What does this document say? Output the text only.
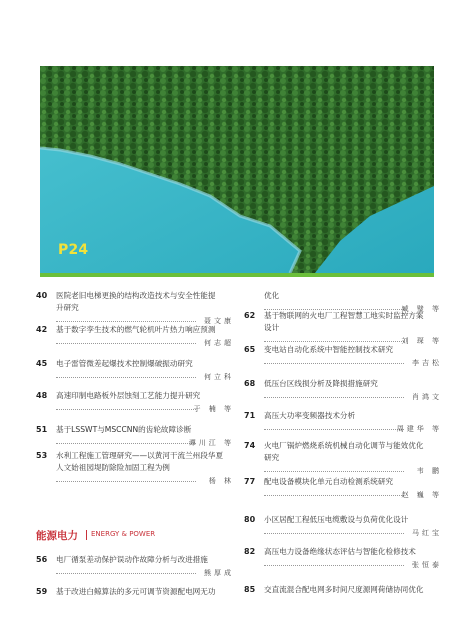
P24
40	医院老旧电梯更换的结构改造技术与安全性能提
升研究
聂文康
42	基于数字孪生技术的燃气轮机叶片热力响应预测
何志超
45	电子雷管微差起爆技术控制爆破振动研究
何立科
48	高速印制电路板外层蚀刻工艺能力提升研究
于 楠 等
51	基于LSSWT与MSCCNN的齿轮故障诊断
谭川江 等
53	水利工程施工管理研究——以黄河干流兰州段华夏
人文始祖园堤防除险加固工程为例
杨 林
能源电力 ENERGY & POWER
56	电厂循泵差动保护误动作故障分析与改进措施
熊厚成
59	基于改进白鲸算法的多元可调节资源配电网无功
优化
臧 璧 等
62	基于物联网的火电厂工程智慧工地实时监控方案
设计
刘 琛 等
65	变电站自动化系统中智能控制技术研究
李吉松
68	低压台区线损分析及降损措施研究
肖鸿文
71	高压大功率变频器技术分析
周建华 等
74	火电厂锅炉燃烧系统机械自动化调节与能效优化
研究
韦 鹏
77	配电设备模块化单元自动检测系统研究
赵 巍 等
80	小区居配工程低压电缆敷设与负荷优化设计
马红宝
82	高压电力设备绝缘状态评估与智能化检修技术
张恒泰
85	交直流混合配电网多时间尺度源网荷储协同优化
